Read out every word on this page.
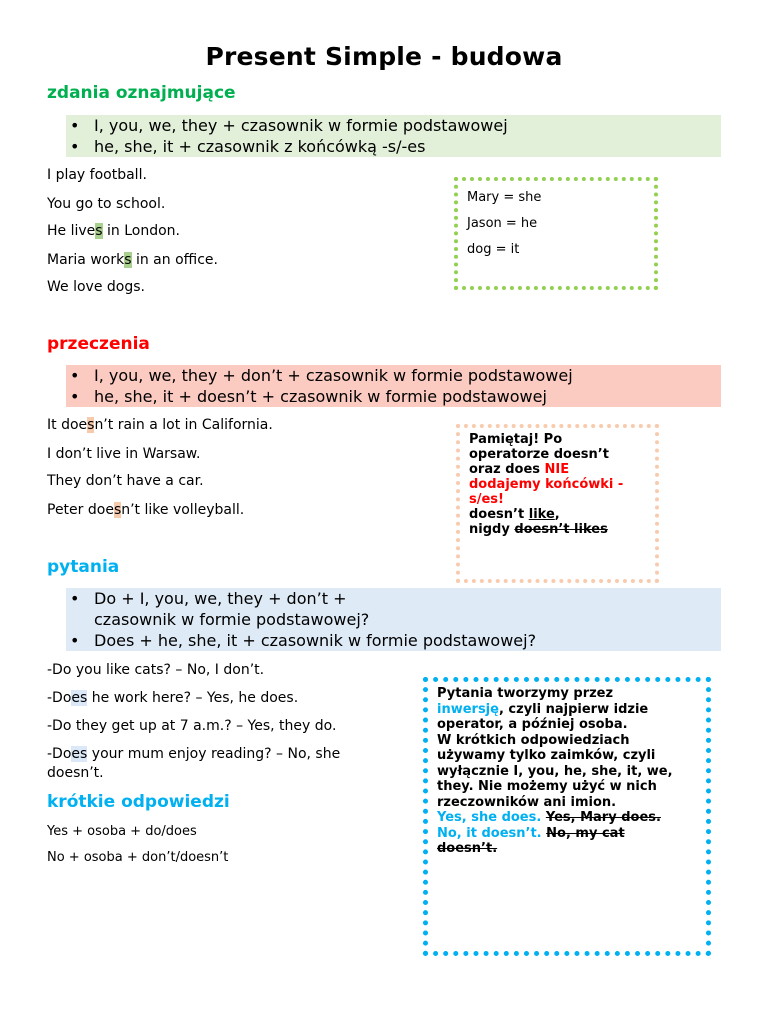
Present Simple - budowa
zdania oznajmujące
• I, you, we, they + czasownik w formie podstawowej
• he, she, it + czasownik z końcówką -s/-es
I play football.
You go to school.
He lives in London.
Maria works in an office.
We love dogs.
Mary = she
Jason = he
dog = it
przeczenia
• I, you, we, they + don’t + czasownik w formie podstawowej
• he, she, it + doesn’t + czasownik w formie podstawowej
It doesn’t rain a lot in California.
I don’t live in Warsaw.
They don’t have a car.
Peter doesn’t like volleyball.
Pamiętaj! Po
operatorze doesn’t
oraz does NIE
dodajemy końcówki -
s/es!
doesn’t like,
nigdy doesn’t likes
pytania
• Do + I, you, we, they + don’t +
czasownik w formie podstawowej?
• Does + he, she, it + czasownik w formie podstawowej?
-Do you like cats? – No, I don’t.
-Does he work here? – Yes, he does.
-Do they get up at 7 a.m.? – Yes, they do.
-Does your mum enjoy reading? – No, she
doesn’t.
Pytania tworzymy przez
inwersję, czyli najpierw idzie
operator, a później osoba.
W krótkich odpowiedziach
używamy tylko zaimków, czyli
wyłącznie I, you, he, she, it, we,
they. Nie możemy użyć w nich
rzeczowników ani imion.
Yes, she does. Yes, Mary does.
No, it doesn’t. No, my cat
doesn’t.
krótkie odpowiedzi
Yes + osoba + do/does
No + osoba + don’t/doesn’t
